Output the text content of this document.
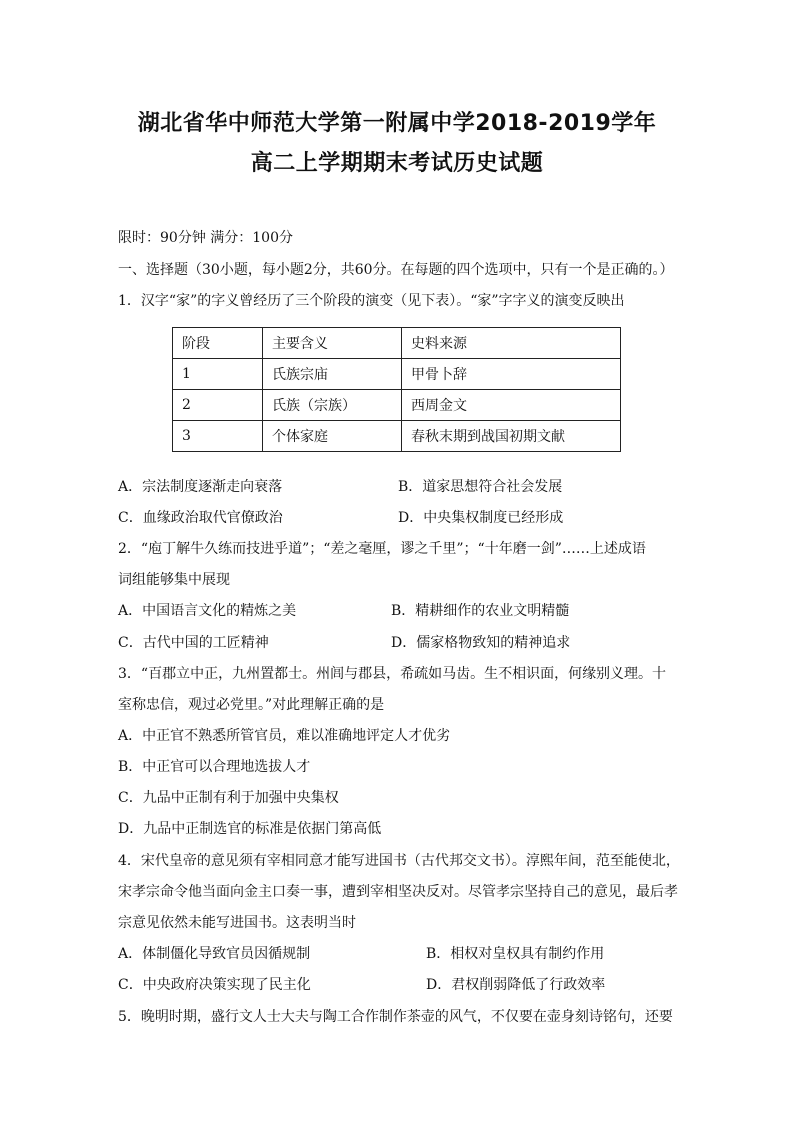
湖北省华中师范大学第一附属中学2018-2019学年
高二上学期期末考试历史试题
限时：90分钟 满分：100分
一、选择题（30小题，每小题2分，共60分。在每题的四个选项中，只有一个是正确的。）
1．汉字“家”的字义曾经历了三个阶段的演变（见下表）。“家”字字义的演变反映出
阶段	主要含义	史料来源
1	氏族宗庙	甲骨卜辞
2	氏族（宗族）	西周金文
3	个体家庭	春秋末期到战国初期文献
A．宗法制度逐渐走向衰落	B．道家思想符合社会发展
C．血缘政治取代官僚政治	D．中央集权制度已经形成
2．“庖丁解牛久练而技进乎道”；“差之毫厘，谬之千里”；“十年磨一剑”……上述成语
词组能够集中展现
A．中国语言文化的精炼之美	B．精耕细作的农业文明精髓
C．古代中国的工匠精神	D．儒家格物致知的精神追求
3．“百郡立中正，九州置都士。州闾与郡县，希疏如马齿。生不相识面，何缘别义理。十
室称忠信，观过必党里。”对此理解正确的是
A．中正官不熟悉所管官员，难以准确地评定人才优劣
B．中正官可以合理地选拔人才
C．九品中正制有利于加强中央集权
D．九品中正制选官的标准是依据门第高低
4．宋代皇帝的意见须有宰相同意才能写进国书（古代邦交文书）。淳熙年间，范至能使北，
宋孝宗命令他当面向金主口奏一事，遭到宰相坚决反对。尽管孝宗坚持自己的意见，最后孝
宗意见依然未能写进国书。这表明当时
A．体制僵化导致官员因循规制	B．相权对皇权具有制约作用
C．中央政府决策实现了民主化	D．君权削弱降低了行政效率
5．晚明时期，盛行文人士大夫与陶工合作制作茶壶的风气，不仅要在壶身刻诗铭句，还要
